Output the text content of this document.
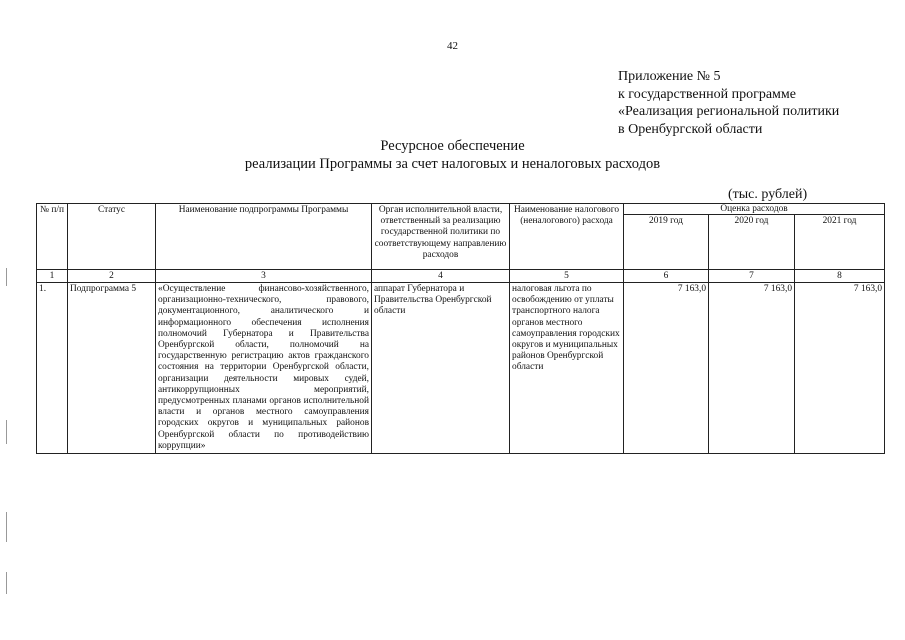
42
Приложение № 5
к государственной программе
«Реализация региональной политики
в Оренбургской области
Ресурсное обеспечение
реализации Программы за счет налоговых и неналоговых расходов
(тыс. рублей)
№ п/п	Статус	Наименование подпрограммы Программы	Орган исполнительной власти, ответственный за реализацию государственной политики по соответствующему направлению расходов	Наименование налогового (неналогового) расхода	Оценка расходов		
					2019 год	2020 год	2021 год
1	2	3	4	5	6	7	8
1.	Подпрограмма 5	«Осуществление финансово-хозяйственного, организационно-технического, правового, документационного, аналитического и информационного обеспечения исполнения полномочий Губернатора и Правительства Оренбургской области, полномочий на государственную регистрацию актов гражданского состояния на территории Оренбургской области, организации деятельности мировых судей, антикоррупционных мероприятий, предусмотренных планами органов исполнительной власти и органов местного самоуправления городских округов и муниципальных районов Оренбургской области по противодействию коррупции»	аппарат Губернатора и Правительства Оренбургской области	налоговая льгота по освобождению от уплаты транспортного налога органов местного самоуправления городских округов и муниципальных районов Оренбургской области	7 163,0	7 163,0	7 163,0
